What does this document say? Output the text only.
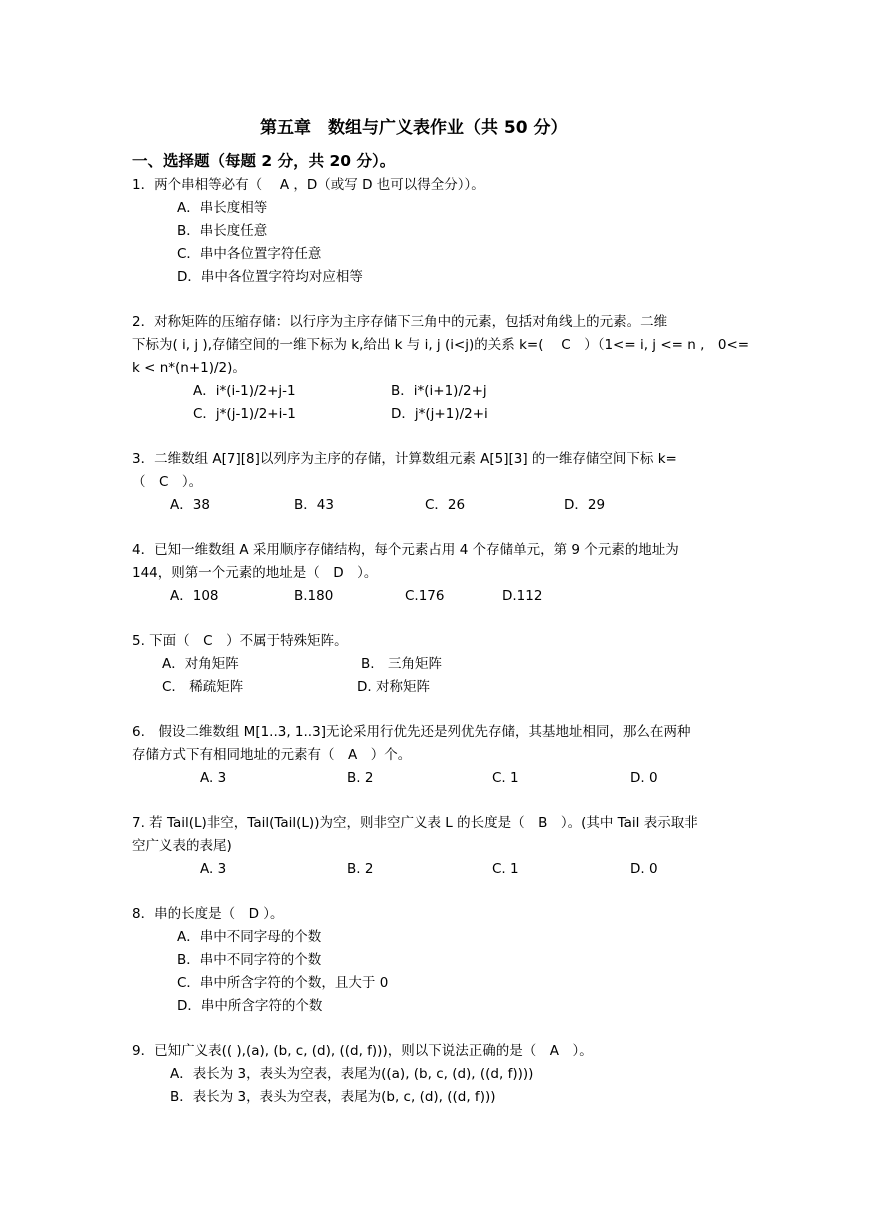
第五章　数组与广义表作业（共 50 分）
一、选择题（每题 2 分，共 20 分）。
1．两个串相等必有（　 A ，D（或写 D 也可以得全分））。
A．串长度相等
B．串长度任意
C．串中各位置字符任意
D．串中各位置字符均对应相等
2．对称矩阵的压缩存储：以行序为主序存储下三角中的元素，包括对角线上的元素。二维
下标为( i, j ),存储空间的一维下标为 k,给出 k 与 i, j (i<j)的关系 k=(　 C　）（1<= i, j <= n ,　0<=
k < n*(n+1)/2)。
A．i*(i-1)/2+j-1	B．i*(i+1)/2+j
C．j*(j-1)/2+i-1	D．j*(j+1)/2+i
3．二维数组 A[7][8]以列序为主序的存储，计算数组元素 A[5][3] 的一维存储空间下标 k=
（　C　）。
A．38	B．43	C．26	D．29
4．已知一维数组 A 采用顺序存储结构，每个元素占用 4 个存储单元，第 9 个元素的地址为
144，则第一个元素的地址是（　D　）。
A．108	B.180	C.176	D.112
5. 下面（　C　）不属于特殊矩阵。
A．对角矩阵	B.　三角矩阵
C.　稀疏矩阵	D. 对称矩阵
6.　假设二维数组 M[1..3, 1..3]无论采用行优先还是列优先存储，其基地址相同，那么在两种
存储方式下有相同地址的元素有（　A　）个。
A. 3	B. 2	C. 1	D. 0
7. 若 Tail(L)非空，Tail(Tail(L))为空，则非空广义表 L 的长度是（　B　）。(其中 Tail 表示取非
空广义表的表尾)
A. 3	B. 2	C. 1	D. 0
8．串的长度是（　D ）。
A．串中不同字母的个数
B．串中不同字符的个数
C．串中所含字符的个数，且大于 0
D．串中所含字符的个数
9．已知广义表(( ),(a), (b, c, (d), ((d, f)))，则以下说法正确的是（　A　）。
A．表长为 3，表头为空表，表尾为((a), (b, c, (d), ((d, f))))
B．表长为 3，表头为空表，表尾为(b, c, (d), ((d, f)))
